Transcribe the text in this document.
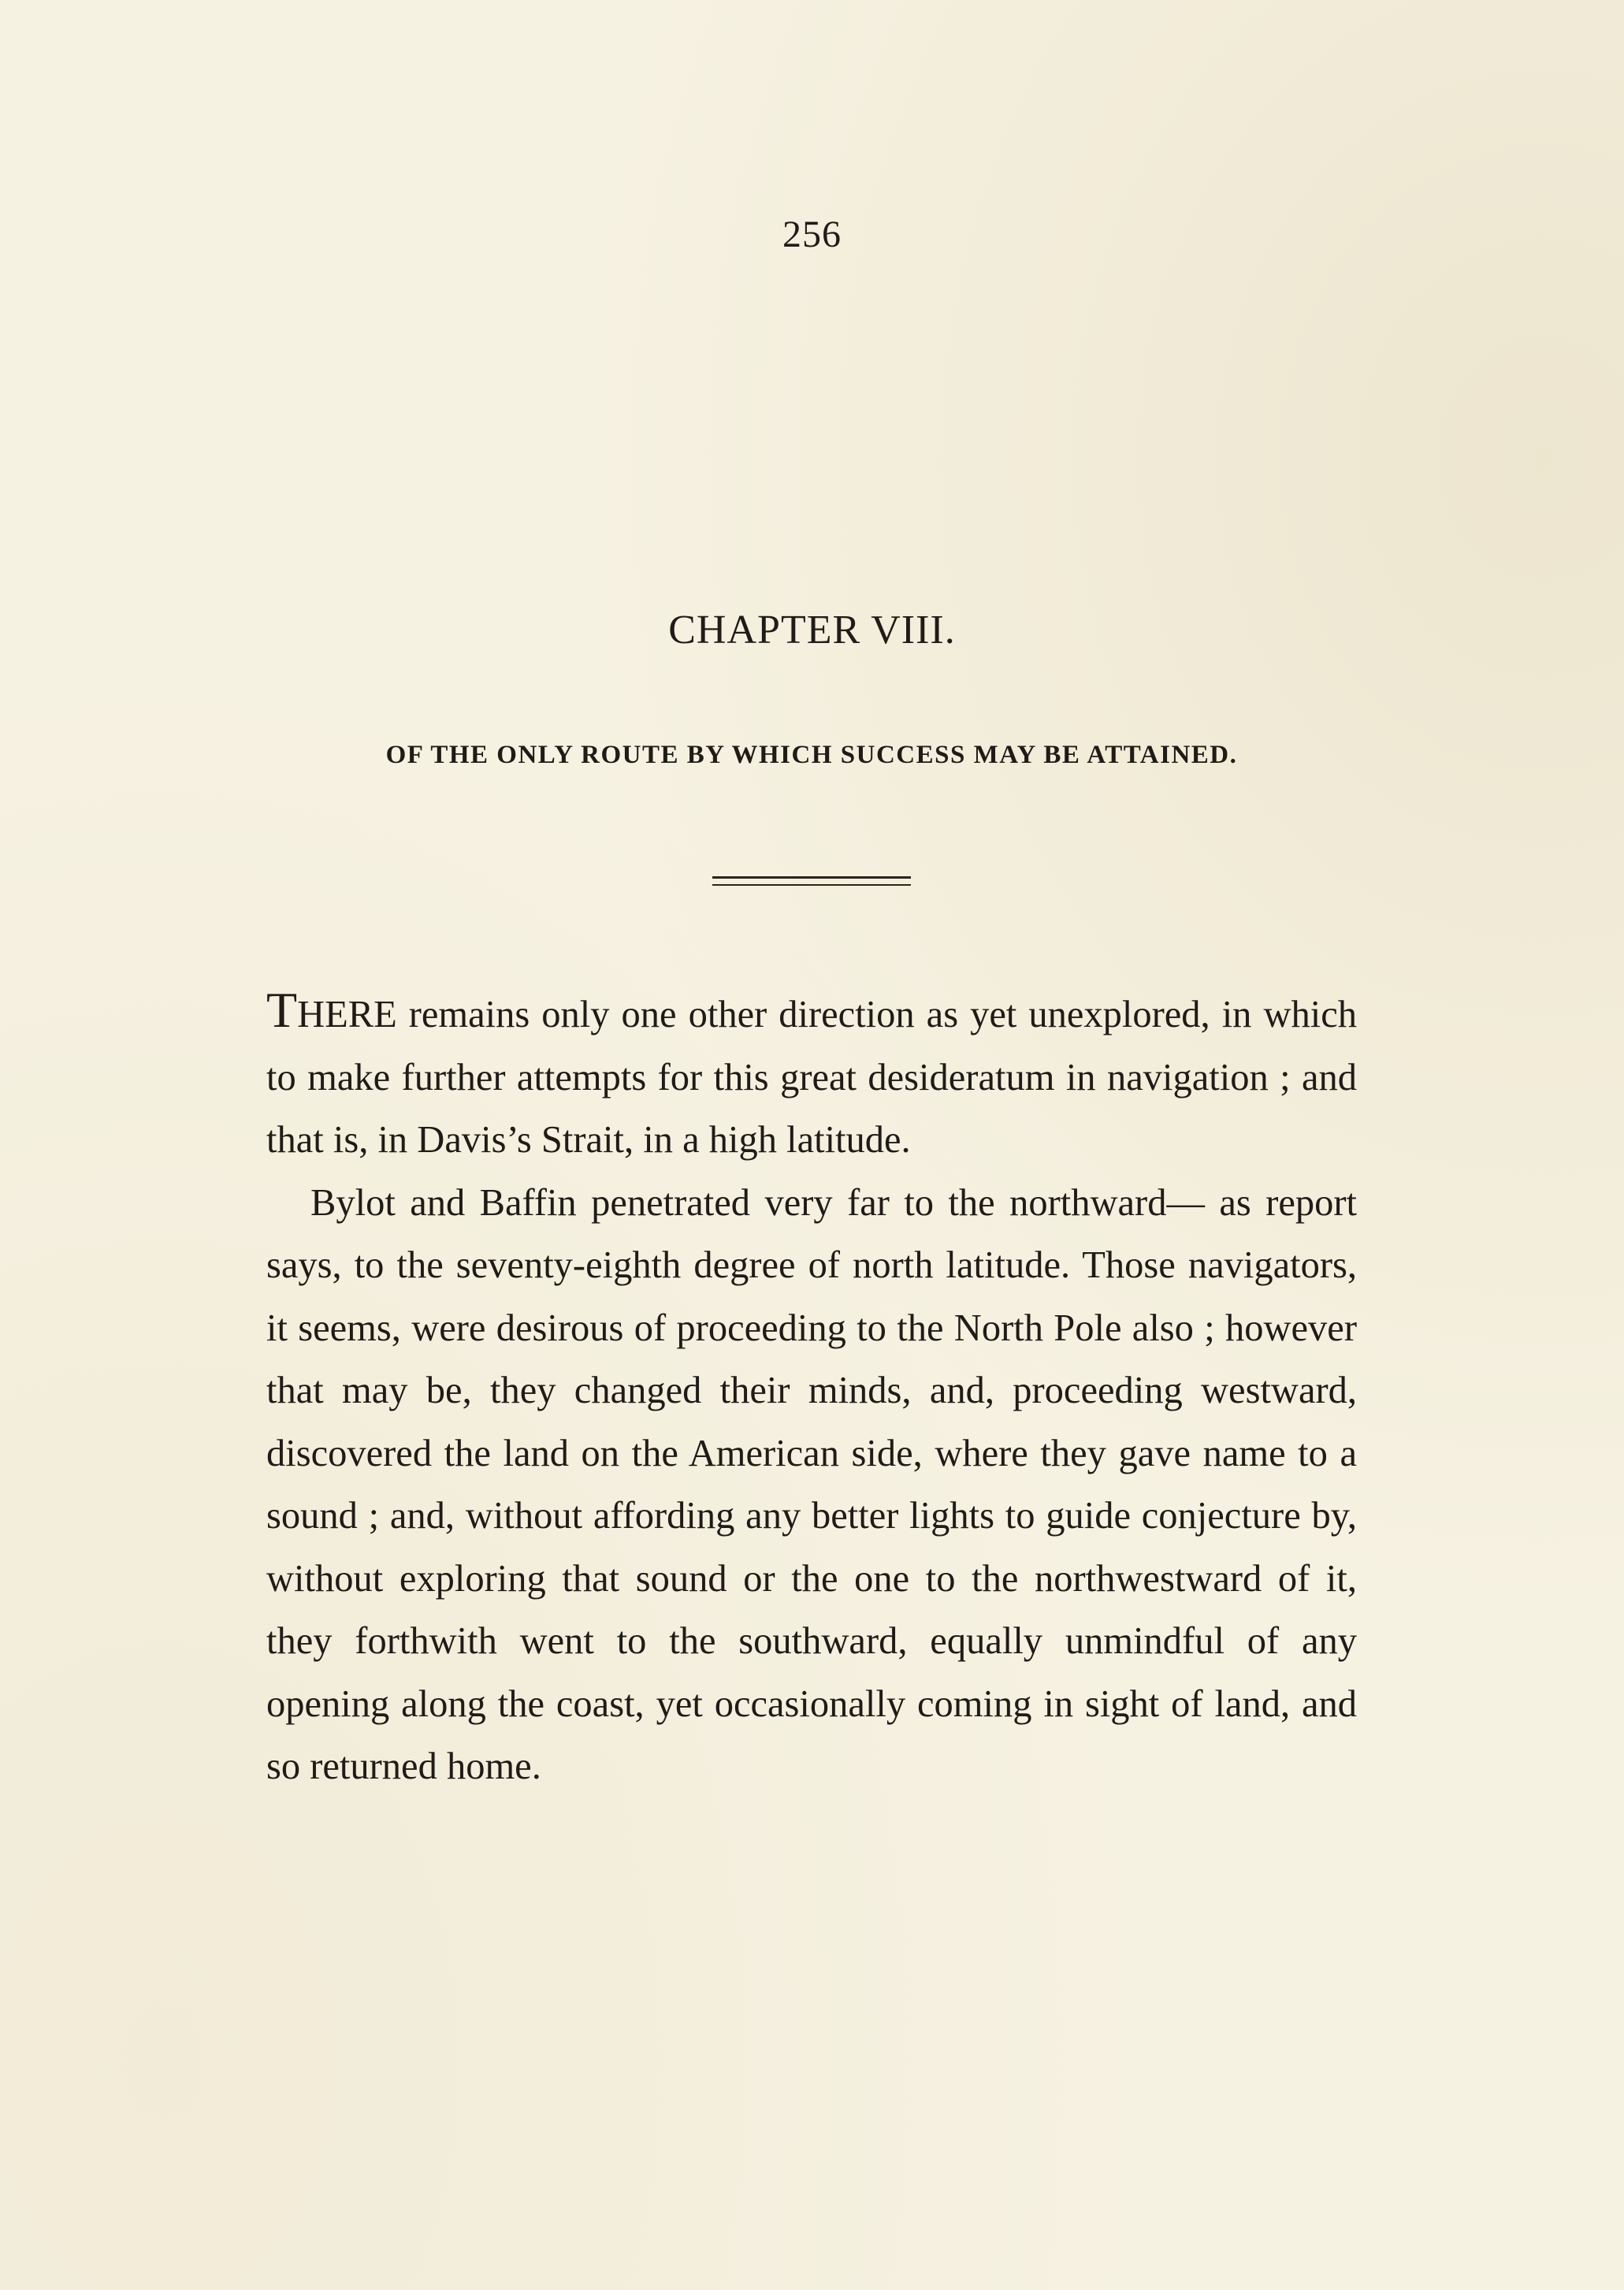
256
CHAPTER VIII.
OF THE ONLY ROUTE BY WHICH SUCCESS MAY BE ATTAINED.

THERE remains only one other direction as yet unexplored, in which to make further attempts for this great desideratum in navigation ; and that is, in Davis’s Strait, in a high latitude.

Bylot and Baffin penetrated very far to the northward— as report says, to the seventy-eighth degree of north latitude. Those navigators, it seems, were desirous of proceeding to the North Pole also ; however that may be, they changed their minds, and, proceeding westward, discovered the land on the American side, where they gave name to a sound ; and, without affording any better lights to guide conjecture by, without exploring that sound or the one to the northwestward of it, they forthwith went to the southward, equally unmindful of any opening along the coast, yet occasionally coming in sight of land, and so returned home.
